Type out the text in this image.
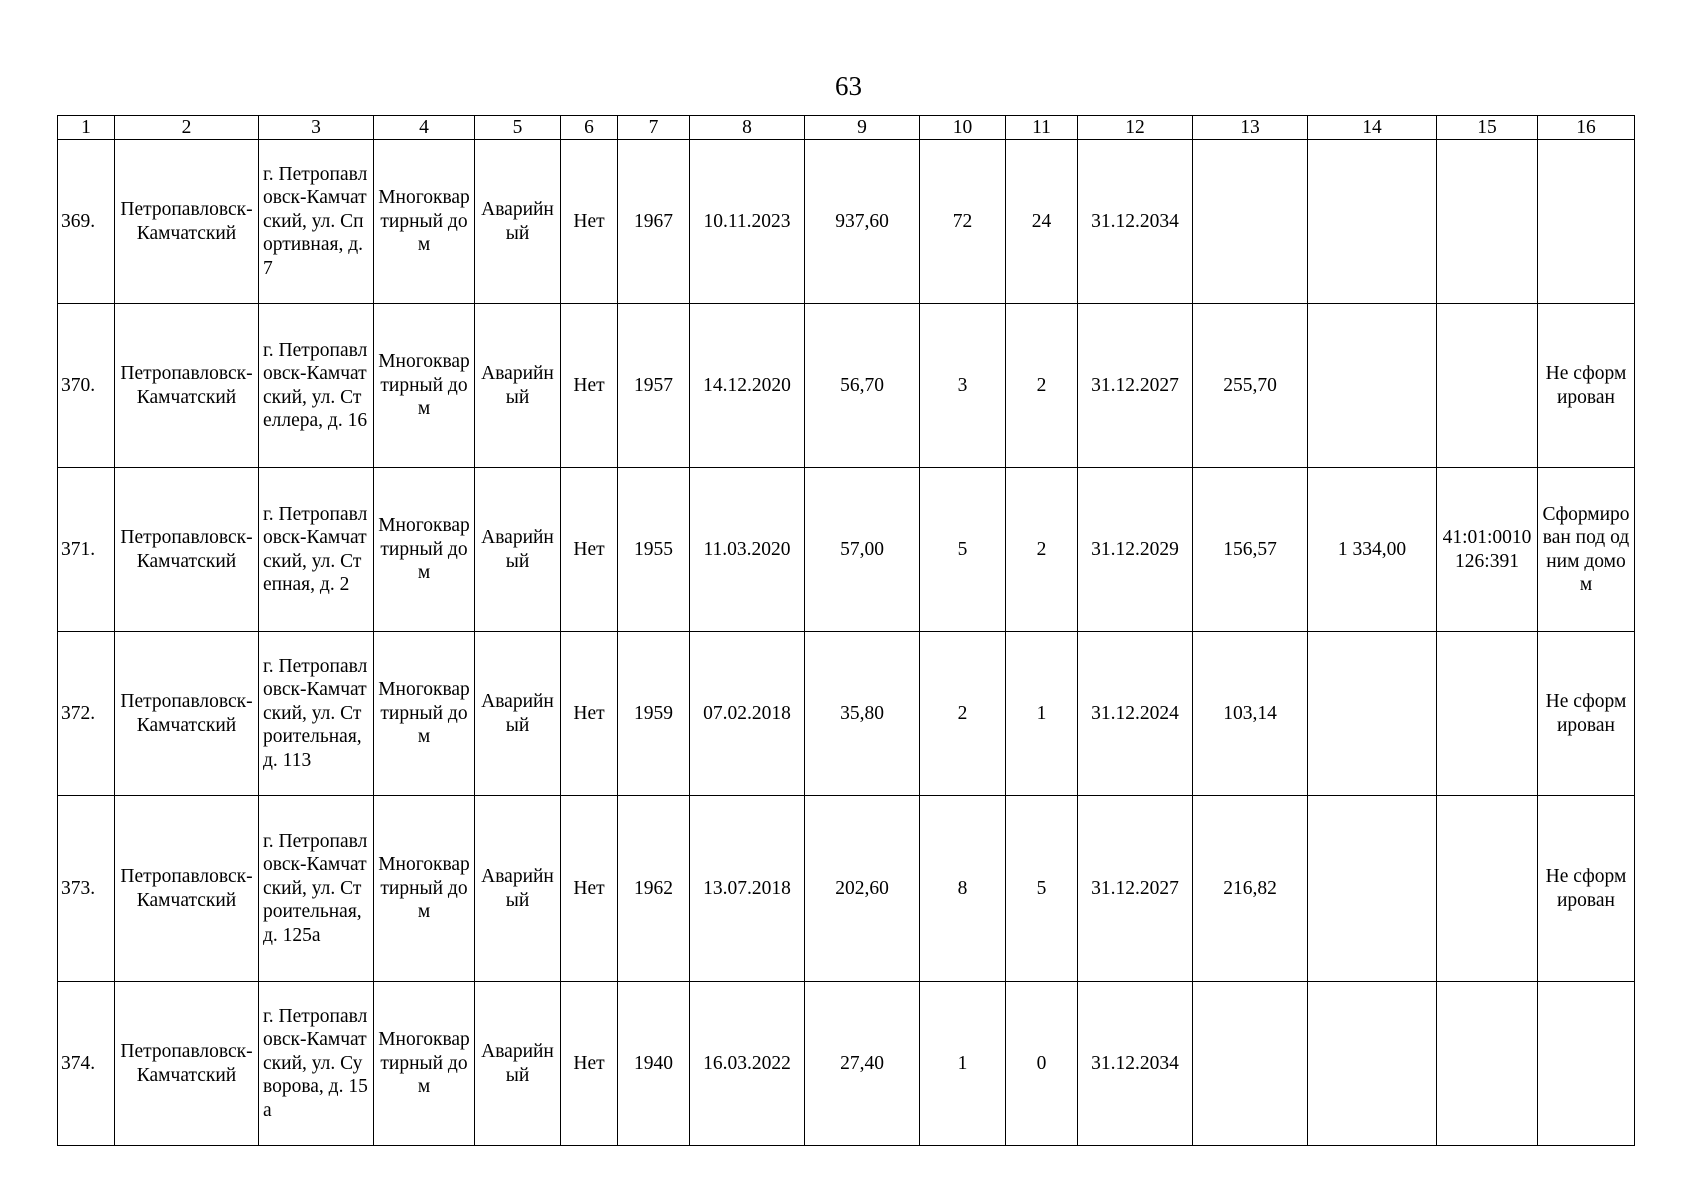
63
1	2	3	4	5	6	7	8	9	10	11	12	13	14	15	16
369.	Петропавловск-Камчатский	г. Петропавловск-Камчатский, ул. Спортивная, д. 7	Многоквартирный дом	Аварийный	Нет	1967	10.11.2023	937,60	72	24	31.12.2034				
370.	Петропавловск-Камчатский	г. Петропавловск-Камчатский, ул. Стеллера, д. 16	Многоквартирный дом	Аварийный	Нет	1957	14.12.2020	56,70	3	2	31.12.2027	255,70			Не сформирован
371.	Петропавловск-Камчатский	г. Петропавловск-Камчатский, ул. Степная, д. 2	Многоквартирный дом	Аварийный	Нет	1955	11.03.2020	57,00	5	2	31.12.2029	156,57	1 334,00	41:01:0010126:391	Сформирован под одним домом
372.	Петропавловск-Камчатский	г. Петропавловск-Камчатский, ул. Строительная, д. 113	Многоквартирный дом	Аварийный	Нет	1959	07.02.2018	35,80	2	1	31.12.2024	103,14			Не сформирован
373.	Петропавловск-Камчатский	г. Петропавловск-Камчатский, ул. Строительная, д. 125а	Многоквартирный дом	Аварийный	Нет	1962	13.07.2018	202,60	8	5	31.12.2027	216,82			Не сформирован
374.	Петропавловск-Камчатский	г. Петропавловск-Камчатский, ул. Суворова, д. 15а	Многоквартирный дом	Аварийный	Нет	1940	16.03.2022	27,40	1	0	31.12.2034				
